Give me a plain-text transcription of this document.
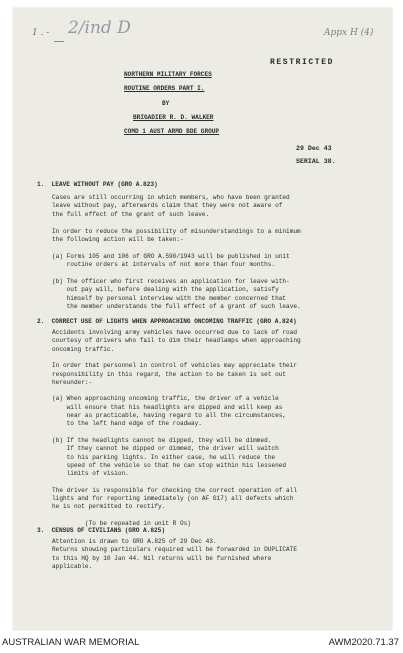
1 . - 2/ind D	Appx H (4)
RESTRICTED
NORTHERN MILITARY FORCES
ROUTINE ORDERS PART I.
BY
BRIGADIER R. D. WALKER
COMD 1 AUST ARMD BDE GROUP
29 Dec 43
SERIAL 38.
1.  LEAVE WITHOUT PAY (GRO A.823)
Cases are still occurring in which members, who have been granted
leave without pay, afterwards claim that they were not aware of
the full effect of the grant of such leave.
In order to reduce the possibility of misunderstandings to a minimum
the following action will be taken:-
(a) Forms 105 and 106 of GRO A.590/1943 will be published in unit
routine orders at intervals of not more than four months.
(b) The officer who first receives an application for leave with-
out pay will, before dealing with the application, satisfy
himself by personal interview with the member concerned that
the member understands the full effect of a grant of such leave.
2.  CORRECT USE OF LIGHTS WHEN APPROACHING ONCOMING TRAFFIC (GRO A.824)
Accidents involving army vehicles have occurred due to lack of road
courtesy of drivers who fail to dim their headlamps when approaching
oncoming traffic.
In order that personnel in control of vehicles may appreciate their
responsibility in this regard, the action to be taken is set out
hereunder:-
(a) When approaching oncoming traffic, the driver of a vehicle
will ensure that his headlights are dipped and will keep as
near as practicable, having regard to all the circumstances,
to the left hand edge of the roadway.
(b) If the headlights cannot be dipped, they will be dimmed.
If they cannot be dipped or dimmed, the driver will switch
to his parking lights. In either case, he will reduce the
speed of the vehicle so that he can stop within his lessened
limits of vision.
The driver is responsible for checking the correct operation of all
lights and for reporting immediately (on AF G17) all defects which
he is not permitted to rectify.
(To be repeated in unit R Os)
3.  CENSUS OF CIVILIANS (GRO A.825)
Attention is drawn to GRO A.825 of 29 Dec 43.
Returns showing particulars required will be forwarded in DUPLICATE
to this HQ by 10 Jan 44. Nil returns will be furnished where
applicable.
AUSTRALIAN WAR MEMORIAL	AWM2020.71.37
